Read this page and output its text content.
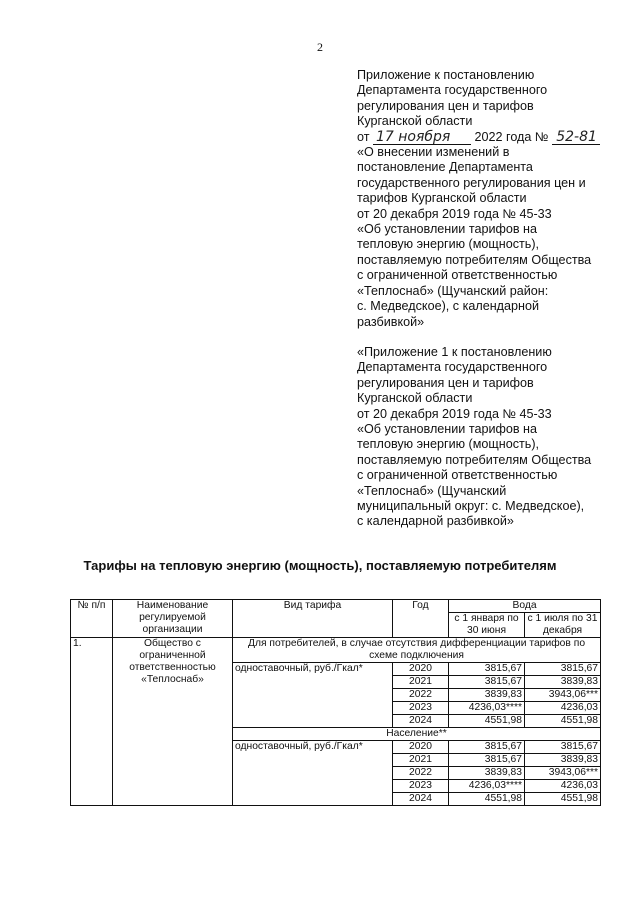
2

Приложение к постановлению

Департамента государственного

регулирования цен и тарифов

Курганской области

от 17 ноября 2022 года № 52-81

«О внесении изменений в

постановление Департамента

государственного регулирования цен и

тарифов Курганской области

от 20 декабря 2019 года № 45-33

«Об установлении тарифов на

тепловую энергию (мощность),

поставляемую потребителям Общества

с ограниченной ответственностью

«Теплоснаб» (Щучанский район:

с. Медведское), с календарной

разбивкой»

«Приложение 1 к постановлению

Департамента государственного

регулирования цен и тарифов

Курганской области

от 20 декабря 2019 года № 45-33

«Об установлении тарифов на

тепловую энергию (мощность),

поставляемую потребителям Общества

с ограниченной ответственностью

«Теплоснаб» (Щучанский

муниципальный округ: с. Медведское),

с календарной разбивкой»

Тарифы на тепловую энергию (мощность), поставляемую потребителям
№ п/п	Наименование регулируемой организации	Вид тарифа	Год	Вода	
				с 1 января по 30 июня	с 1 июля по 31 декабря
1.	Общество с ограниченной ответственностью «Теплоснаб»	Для потребителей, в случае отсутствия дифференциации тарифов по схеме подключения			
		одноставочный, руб./Гкал*	2020	3815,67	3815,67
			2021	3815,67	3839,83
			2022	3839,83	3943,06***
			2023	4236,03****	4236,03
			2024	4551,98	4551,98
		Население**			
		одноставочный, руб./Гкал*	2020	3815,67	3815,67
			2021	3815,67	3839,83
			2022	3839,83	3943,06***
			2023	4236,03****	4236,03
			2024	4551,98	4551,98
